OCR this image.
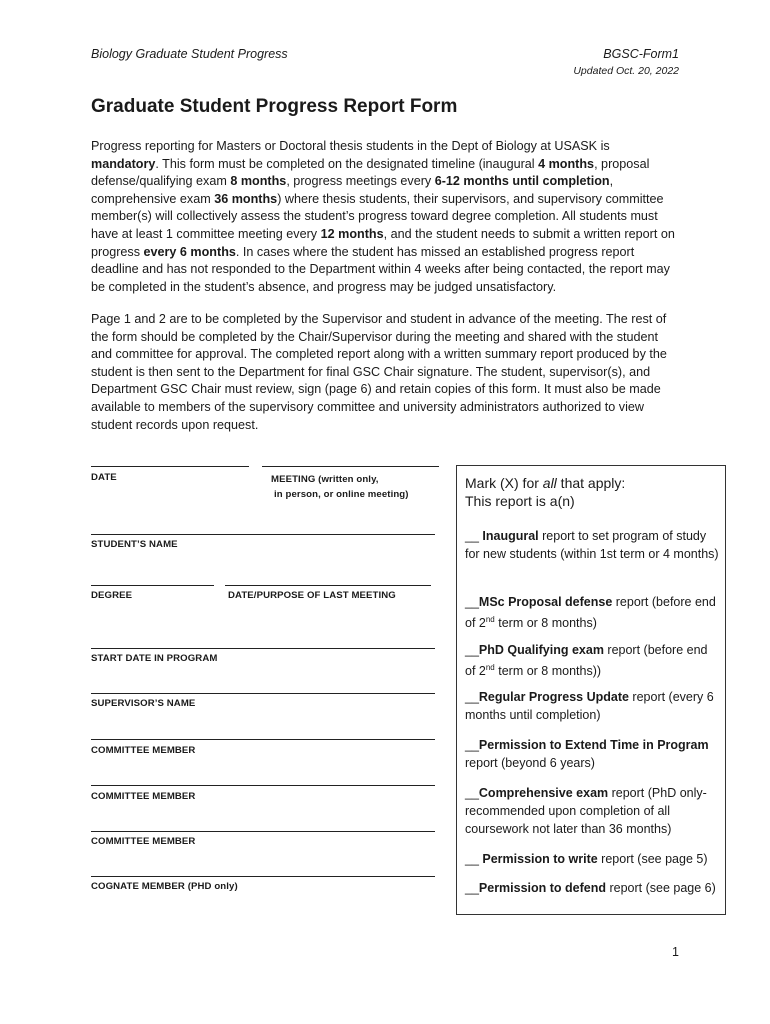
Biology Graduate Student Progress	BGSC-Form1
Updated Oct. 20, 2022
Graduate Student Progress Report Form

Progress reporting for Masters or Doctoral thesis students in the Dept of Biology at USASK is mandatory. This form must be completed on the designated timeline (inaugural 4 months, proposal defense/qualifying exam 8 months, progress meetings every 6-12 months until completion, comprehensive exam 36 months) where thesis students, their supervisors, and supervisory committee member(s) will collectively assess the student’s progress toward degree completion. All students must have at least 1 committee meeting every 12 months, and the student needs to submit a written report on progress every 6 months. In cases where the student has missed an established progress report deadline and has not responded to the Department within 4 weeks after being contacted, the report may be completed in the student’s absence, and progress may be judged unsatisfactory.

Page 1 and 2 are to be completed by the Supervisor and student in advance of the meeting. The rest of the form should be completed by the Chair/Supervisor during the meeting and shared with the student and committee for approval. The completed report along with a written summary report produced by the student is then sent to the Department for final GSC Chair signature. The student, supervisor(s), and Department GSC Chair must review, sign (page 6) and retain copies of this form. It must also be made available to members of the supervisory committee and university administrators authorized to view student records upon request.

DATE	MEETING (written only,
in person, or online meeting)
STUDENT’S NAME
DEGREE	DATE/PURPOSE OF LAST MEETING
START DATE IN PROGRAM
SUPERVISOR’S NAME
COMMITTEE MEMBER
COMMITTEE MEMBER
COMMITTEE MEMBER
COGNATE MEMBER (PHD only)
Mark (X) for all that apply:
This report is a(n)
__ Inaugural report to set program of study for new students (within 1st term or 4 months)
__MSc Proposal defense report (before end of 2nd term or 8 months)
__PhD Qualifying exam report (before end of 2nd term or 8 months))
__Regular Progress Update report (every 6 months until completion)
__Permission to Extend Time in Program report (beyond 6 years)
__Comprehensive exam report (PhD only- recommended upon completion of all coursework not later than 36 months)
__ Permission to write report (see page 5)
__Permission to defend report (see page 6)
1
